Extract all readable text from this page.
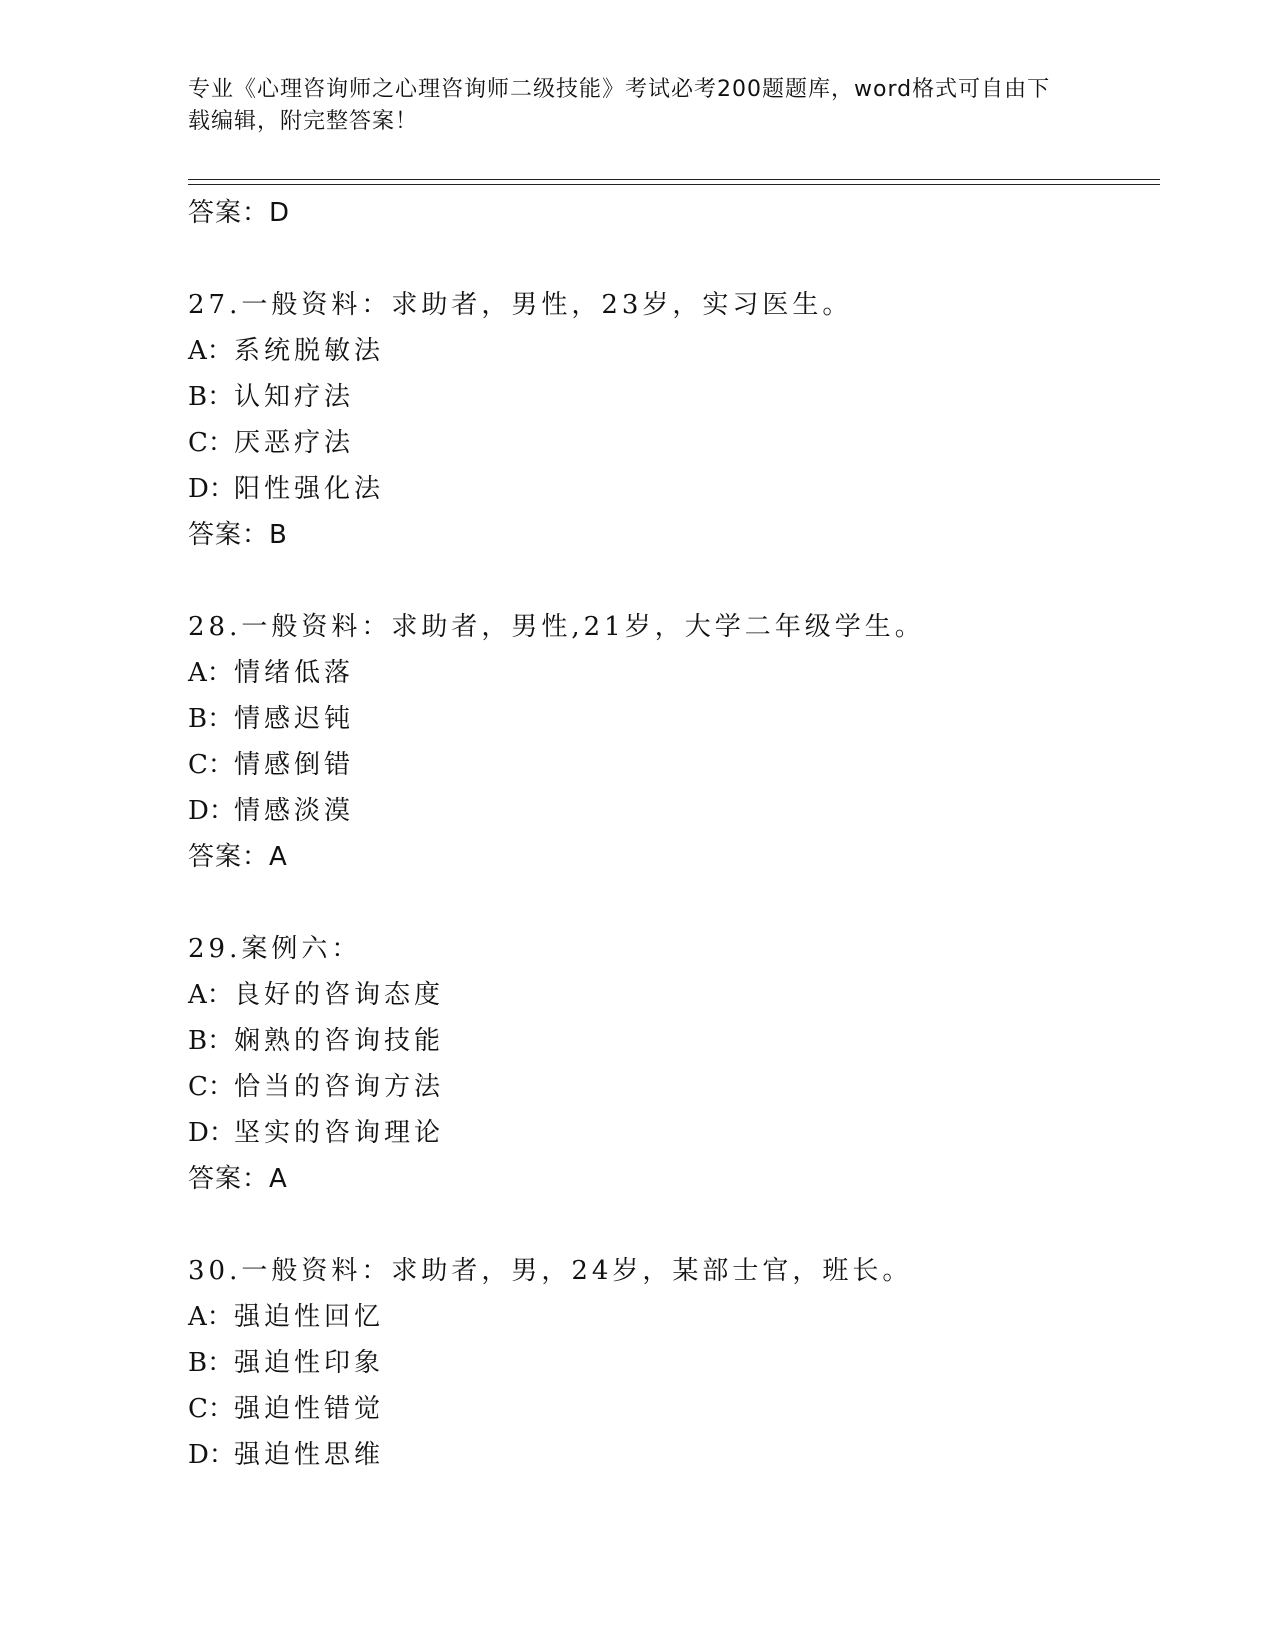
专业《心理咨询师之心理咨询师二级技能》考试必考200题题库，word格式可自由下载编辑，附完整答案！
答案：D
27.一般资料：求助者，男性，23岁，实习医生。
A：系统脱敏法
B：认知疗法
C：厌恶疗法
D：阳性强化法
答案：B
28.一般资料：求助者，男性,21岁，大学二年级学生。
A：情绪低落
B：情感迟钝
C：情感倒错
D：情感淡漠
答案：A
29.案例六：
A：良好的咨询态度
B：娴熟的咨询技能
C：恰当的咨询方法
D：坚实的咨询理论
答案：A
30.一般资料：求助者，男，24岁，某部士官，班长。
A：强迫性回忆
B：强迫性印象
C：强迫性错觉
D：强迫性思维
